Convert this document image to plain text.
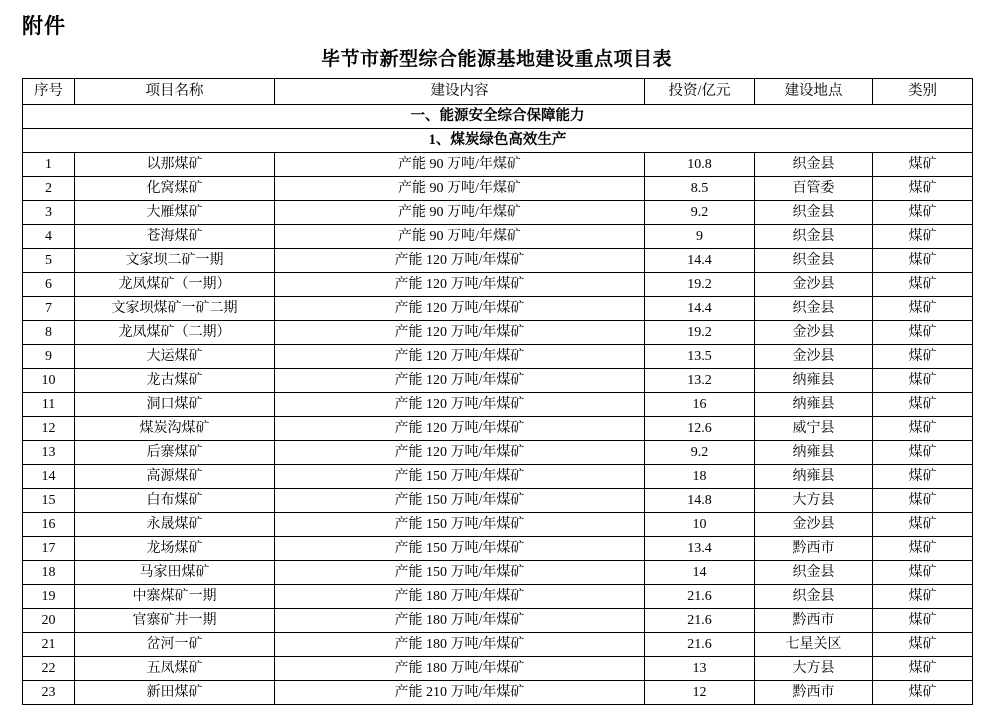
附件
毕节市新型综合能源基地建设重点项目表
序号	项目名称	建设内容	投资/亿元	建设地点	类别
一、能源安全综合保障能力					
1、煤炭绿色高效生产					
1	以那煤矿	产能 90 万吨/年煤矿	10.8	织金县	煤矿
2	化窝煤矿	产能 90 万吨/年煤矿	8.5	百管委	煤矿
3	大雁煤矿	产能 90 万吨/年煤矿	9.2	织金县	煤矿
4	苍海煤矿	产能 90 万吨/年煤矿	9	织金县	煤矿
5	文家坝二矿一期	产能 120 万吨/年煤矿	14.4	织金县	煤矿
6	龙凤煤矿（一期）	产能 120 万吨/年煤矿	19.2	金沙县	煤矿
7	文家坝煤矿一矿二期	产能 120 万吨/年煤矿	14.4	织金县	煤矿
8	龙凤煤矿（二期）	产能 120 万吨/年煤矿	19.2	金沙县	煤矿
9	大运煤矿	产能 120 万吨/年煤矿	13.5	金沙县	煤矿
10	龙古煤矿	产能 120 万吨/年煤矿	13.2	纳雍县	煤矿
11	洞口煤矿	产能 120 万吨/年煤矿	16	纳雍县	煤矿
12	煤炭沟煤矿	产能 120 万吨/年煤矿	12.6	威宁县	煤矿
13	后寨煤矿	产能 120 万吨/年煤矿	9.2	纳雍县	煤矿
14	高源煤矿	产能 150 万吨/年煤矿	18	纳雍县	煤矿
15	白布煤矿	产能 150 万吨/年煤矿	14.8	大方县	煤矿
16	永晟煤矿	产能 150 万吨/年煤矿	10	金沙县	煤矿
17	龙场煤矿	产能 150 万吨/年煤矿	13.4	黔西市	煤矿
18	马家田煤矿	产能 150 万吨/年煤矿	14	织金县	煤矿
19	中寨煤矿一期	产能 180 万吨/年煤矿	21.6	织金县	煤矿
20	官寨矿井一期	产能 180 万吨/年煤矿	21.6	黔西市	煤矿
21	岔河一矿	产能 180 万吨/年煤矿	21.6	七星关区	煤矿
22	五凤煤矿	产能 180 万吨/年煤矿	13	大方县	煤矿
23	新田煤矿	产能 210 万吨/年煤矿	12	黔西市	煤矿
